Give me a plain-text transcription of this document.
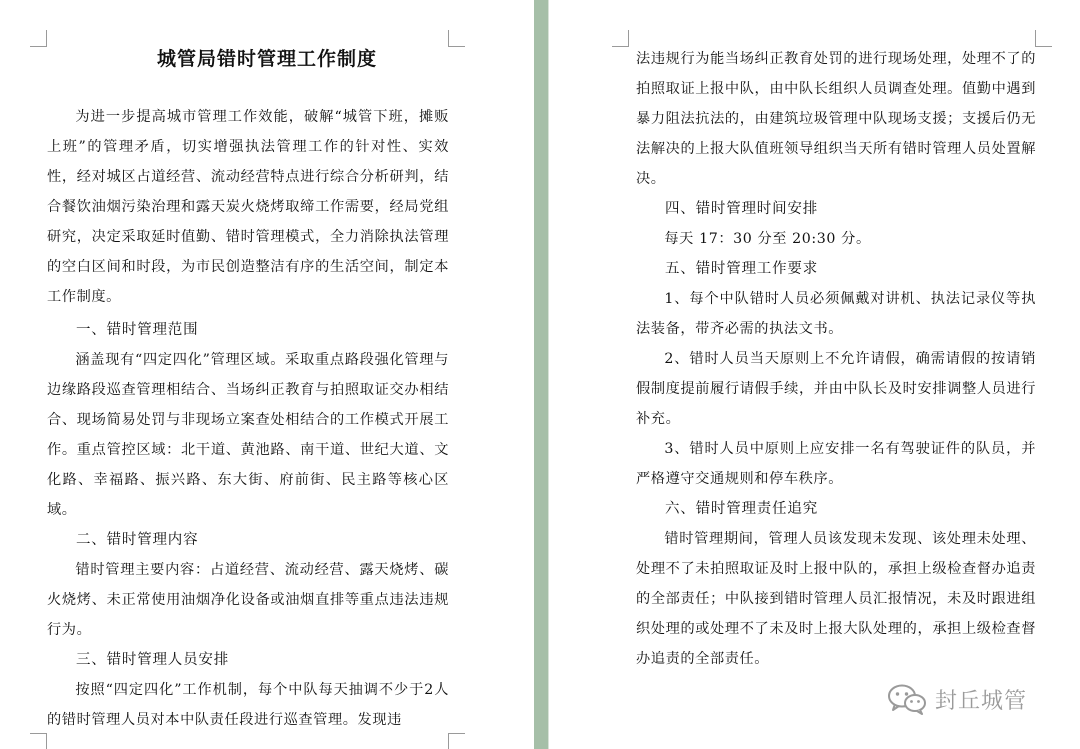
城管局错时管理工作制度

为进一步提高城市管理工作效能，破解“城管下班，摊贩上班”的管理矛盾，切实增强执法管理工作的针对性、实效性，经对城区占道经营、流动经营特点进行综合分析研判，结合餐饮油烟污染治理和露天炭火烧烤取缔工作需要，经局党组研究，决定采取延时值勤、错时管理模式，全力消除执法管理的空白区间和时段，为市民创造整洁有序的生活空间，制定本工作制度。

一、错时管理范围

涵盖现有“四定四化”管理区域。采取重点路段强化管理与边缘路段巡查管理相结合、当场纠正教育与拍照取证交办相结合、现场简易处罚与非现场立案查处相结合的工作模式开展工作。重点管控区域：北干道、黄池路、南干道、世纪大道、文化路、幸福路、振兴路、东大街、府前街、民主路等核心区域。

二、错时管理内容

错时管理主要内容：占道经营、流动经营、露天烧烤、碳火烧烤、未正常使用油烟净化设备或油烟直排等重点违法违规行为。

三、错时管理人员安排

按照“四定四化”工作机制，每个中队每天抽调不少于2人的错时管理人员对本中队责任段进行巡查管理。发现违

法违规行为能当场纠正教育处罚的进行现场处理，处理不了的拍照取证上报中队，由中队长组织人员调查处理。值勤中遇到暴力阻法抗法的，由建筑垃圾管理中队现场支援；支援后仍无法解决的上报大队值班领导组织当天所有错时管理人员处置解决。

四、错时管理时间安排

每天 17：30 分至 20:30 分。

五、错时管理工作要求

1、每个中队错时人员必须佩戴对讲机、执法记录仪等执法装备，带齐必需的执法文书。

2、错时人员当天原则上不允许请假，确需请假的按请销假制度提前履行请假手续，并由中队长及时安排调整人员进行补充。

3、错时人员中原则上应安排一名有驾驶证件的队员，并严格遵守交通规则和停车秩序。

六、错时管理责任追究

错时管理期间，管理人员该发现未发现、该处理未处理、处理不了未拍照取证及时上报中队的，承担上级检查督办追责的全部责任；中队接到错时管理人员汇报情况，未及时跟进组织处理的或处理不了未及时上报大队处理的，承担上级检查督办追责的全部责任。

封丘城管
